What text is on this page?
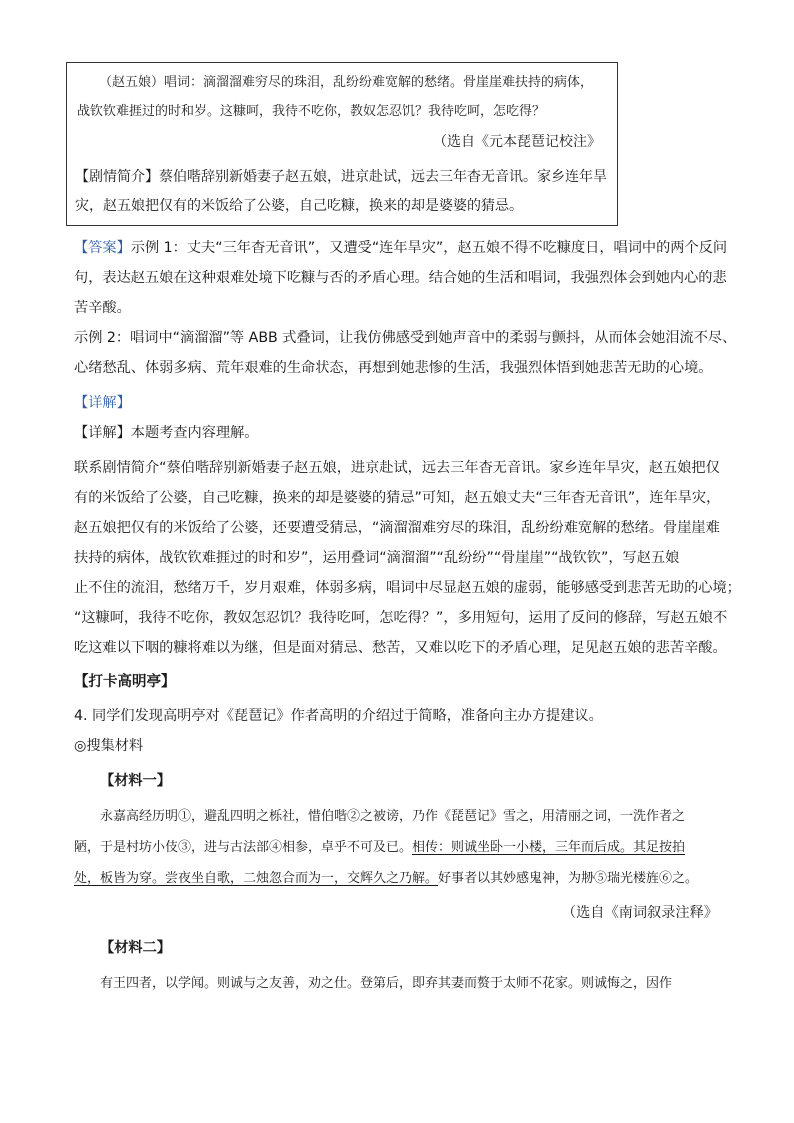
（赵五娘）唱词：滴溜溜难穷尽的珠泪，乱纷纷难宽解的愁绪。骨崖崖难扶持的病体，
战钦钦难捱过的时和岁。这糠呵，我待不吃你，教奴怎忍饥？我待吃呵，怎吃得？
（选自《元本琵琶记校注》
【剧情简介】蔡伯喈辞别新婚妻子赵五娘，进京赴试，远去三年杳无音讯。家乡连年旱灾，赵五娘把仅有的米饭给了公婆，自己吃糠，换来的却是婆婆的猜忌。
【答案】示例 1：丈夫“三年杳无音讯”，又遭受“连年旱灾”，赵五娘不得不吃糠度日，唱词中的两个反问
句，表达赵五娘在这种艰难处境下吃糠与否的矛盾心理。结合她的生活和唱词，我强烈体会到她内心的悲
苦辛酸。
示例 2：唱词中“滴溜溜”等 ABB 式叠词，让我仿佛感受到她声音中的柔弱与颤抖，从而体会她泪流不尽、
心绪愁乱、体弱多病、荒年艰难的生命状态，再想到她悲惨的生活，我强烈体悟到她悲苦无助的心境。
【详解】
【详解】本题考查内容理解。
联系剧情简介“蔡伯喈辞别新婚妻子赵五娘，进京赴试，远去三年杳无音讯。家乡连年旱灾，赵五娘把仅
有的米饭给了公婆，自己吃糠，换来的却是婆婆的猜忌”可知，赵五娘丈夫“三年杳无音讯”，连年旱灾，
赵五娘把仅有的米饭给了公婆，还要遭受猜忌，“滴溜溜难穷尽的珠泪，乱纷纷难宽解的愁绪。骨崖崖难
扶持的病体，战钦钦难捱过的时和岁”，运用叠词“滴溜溜”“乱纷纷”“骨崖崖”“战钦钦”，写赵五娘
止不住的流泪，愁绪万千，岁月艰难，体弱多病，唱词中尽显赵五娘的虚弱，能够感受到悲苦无助的心境；
“这糠呵，我待不吃你，教奴怎忍饥？我待吃呵，怎吃得？”，多用短句，运用了反问的修辞，写赵五娘不
吃这难以下咽的糠将难以为继，但是面对猜忌、愁苦，又难以吃下的矛盾心理，足见赵五娘的悲苦辛酸。
【打卡高明亭】
4. 同学们发现高明亭对《琵琶记》作者高明的介绍过于简略，准备向主办方提建议。
◎搜集材料
【材料一】
永嘉高经历明①，避乱四明之栎社，惜伯喈②之被谤，乃作《琵琶记》雪之，用清丽之词，一洗作者之
陋，于是村坊小伎③，进与古法部④相参，卓乎不可及已。相传：则诚坐卧一小楼，三年而后成。其足按拍
处，板皆为穿。尝夜坐自歌，二烛忽合而为一，交辉久之乃解。好事者以其妙感鬼神，为刱⑤瑞光楼旌⑥之。
（选自《南词叙录注释》
【材料二】
有王四者，以学闻。则诚与之友善，劝之仕。登第后，即弃其妻而赘于太师不花家。则诚悔之，因作
